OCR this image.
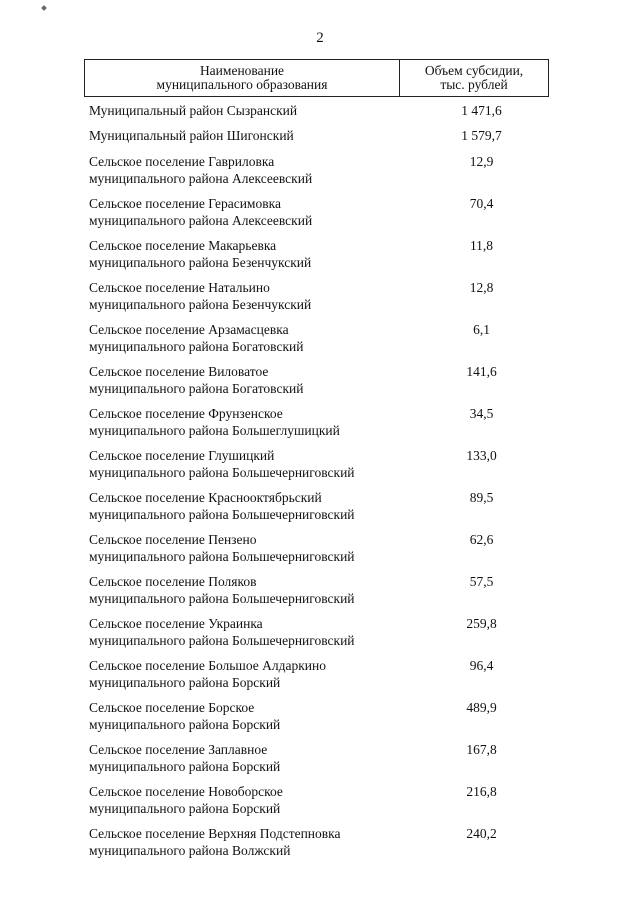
2
Наименование
муниципального образования
Объем субсидии,
тыс. рублей
Муниципальный район Сызранский	1 471,6
Муниципальный район Шигонский	1 579,7
Сельское поселение Гавриловка
муниципального района Алексеевский
12,9
Сельское поселение Герасимовка
муниципального района Алексеевский
70,4
Сельское поселение Макарьевка
муниципального района Безенчукский
11,8
Сельское поселение Натальино
муниципального района Безенчукский
12,8
Сельское поселение Арзамасцевка
муниципального района Богатовский
6,1
Сельское поселение Виловатое
муниципального района Богатовский
141,6
Сельское поселение Фрунзенское
муниципального района Большеглушицкий
34,5
Сельское поселение Глушицкий
муниципального района Большечерниговский
133,0
Сельское поселение Краснооктябрьский
муниципального района Большечерниговский
89,5
Сельское поселение Пензено
муниципального района Большечерниговский
62,6
Сельское поселение Поляков
муниципального района Большечерниговский
57,5
Сельское поселение Украинка
муниципального района Большечерниговский
259,8
Сельское поселение Большое Алдаркино
муниципального района Борский
96,4
Сельское поселение Борское
муниципального района Борский
489,9
Сельское поселение Заплавное
муниципального района Борский
167,8
Сельское поселение Новоборское
муниципального района Борский
216,8
Сельское поселение Верхняя Подстепновка
муниципального района Волжский
240,2
